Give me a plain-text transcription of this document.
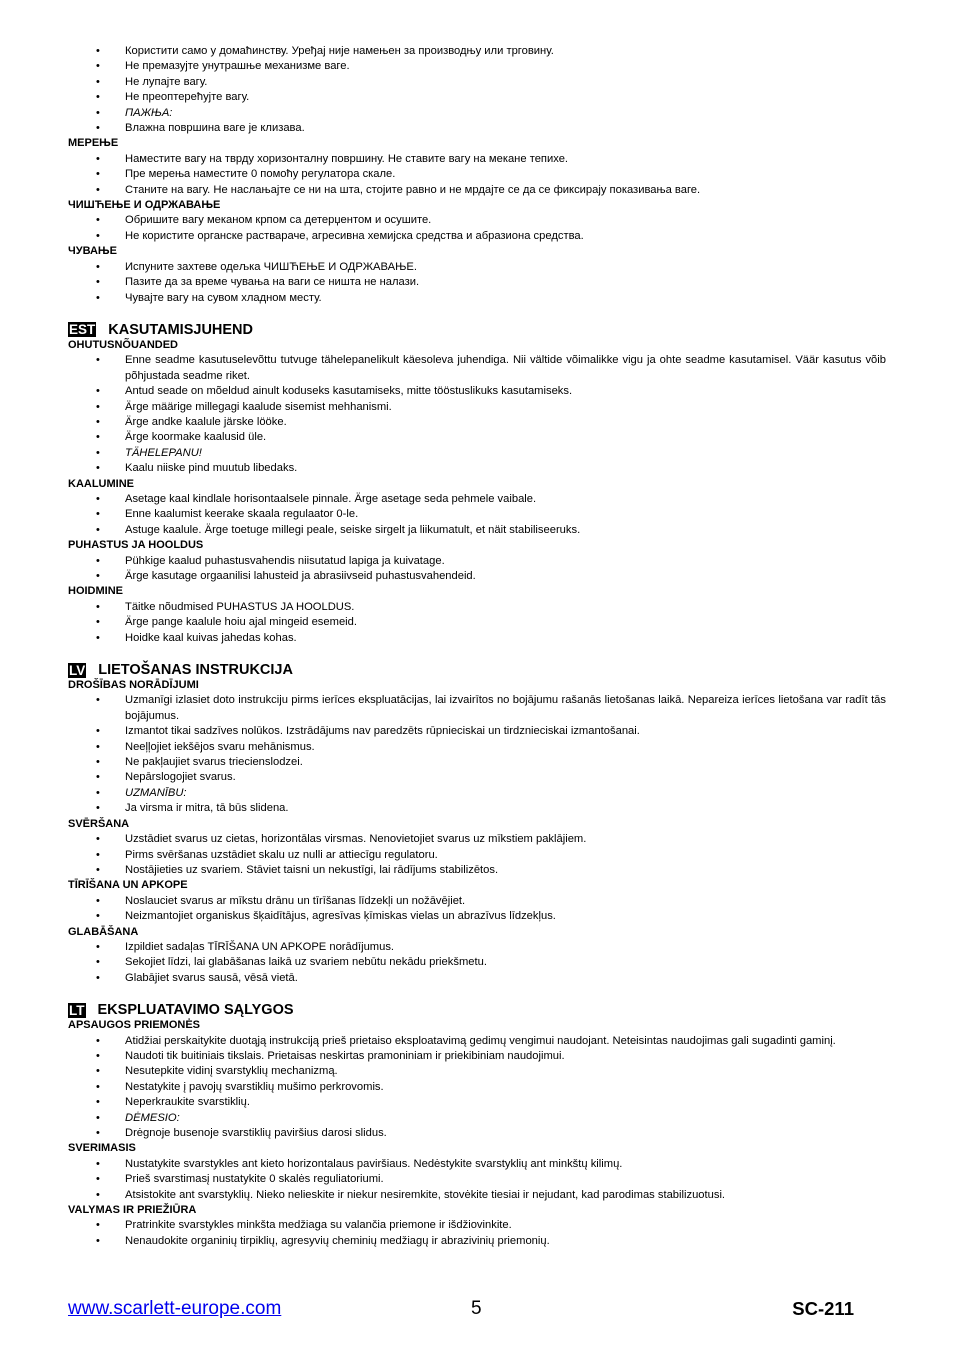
• Користити само у домаћинству. Уређај није намењен за производњу или трговину.
• Не премазујте унутрашње механизме ваге.
• Не лупајте вагу.
• Не преоптерећујте вагу.
• ПАЖЊА:
• Влажна површина ваге је клизава.
МЕРЕЊЕ
• Наместите вагу на тврду хоризонталну површину. Не ставите вагу на мекане тепихе.
• Пре мерења наместите 0 помоћу регулатора скале.
• Станите на вагу. Не наслањајте се ни на шта, стојите равно и не мрдајте се да се фиксирају показивања ваге.
ЧИШЋЕЊЕ И ОДРЖАВАЊЕ
• Обришите вагу меканом крпом са детерџентом и осушите.
• Не користите органске раствараче, агресивна хемијска средства и абразиона средства.
ЧУВАЊЕ
• Испуните захтеве одељка ЧИШЋЕЊЕ И ОДРЖАВАЊЕ.
• Пазите да за време чувања на ваги се ништа не налази.
• Чувајте вагу на сувом хладном месту.
EST KASUTAMISJUHEND
OHUTUSNÕUANDED
• Enne seadme kasutuselevõttu tutvuge tähelepanelikult käesoleva juhendiga. Nii vältide võimalikke vigu ja ohte seadme kasutamisel. Väär kasutus võib põhjustada seadme riket.
• Antud seade on mõeldud ainult koduseks kasutamiseks, mitte tööstuslikuks kasutamiseks.
• Ärge määrige millegagi kaalude sisemist mehhanismi.
• Ärge andke kaalule järske lööke.
• Ärge koormake kaalusid üle.
• TÄHELEPANU!
• Kaalu niiske pind muutub libedaks.
KAALUMINE
• Asetage kaal kindlale horisontaalsele pinnale. Ärge asetage seda pehmele vaibale.
• Enne kaalumist keerake skaala regulaator 0-le.
• Astuge kaalule. Ärge toetuge millegi peale, seiske sirgelt ja liikumatult, et näit stabiliseeruks.
PUHASTUS JA HOOLDUS
• Pühkige kaalud puhastusvahendis niisutatud lapiga ja kuivatage.
• Ärge kasutage orgaanilisi lahusteid ja abrasiivseid puhastusvahendeid.
HOIDMINE
• Täitke nõudmised PUHASTUS JA HOOLDUS.
• Ärge pange kaalule hoiu ajal mingeid esemeid.
• Hoidke kaal kuivas jahedas kohas.
LV LIETOŠANAS INSTRUKCIJA
DROŠĪBAS NORĀDĪJUMI
• Uzmanīgi izlasiet doto instrukciju pirms ierīces ekspluatācijas, lai izvairītos no bojājumu rašanās lietošanas laikā. Nepareiza ierīces lietošana var radīt tās bojājumus.
• Izmantot tikai sadzīves nolūkos. Izstrādājums nav paredzēts rūpnieciskai un tirdznieciskai izmantošanai.
• Neeļļojiet iekšējos svaru mehānismus.
• Ne pakļaujiet svarus triecienslodzei.
• Nepārslogojiet svarus.
• UZMANĪBU:
• Ja virsma ir mitra, tā būs slidena.
SVĒRŠANA
• Uzstādiet svarus uz cietas, horizontālas virsmas. Nenovietojiet svarus uz mīkstiem paklājiem.
• Pirms svēršanas uzstādiet skalu uz nulli ar attiecīgu regulatoru.
• Nostājieties uz svariem. Stāviet taisni un nekustīgi, lai rādījums stabilizētos.
TĪRĪŠANA UN APKOPE
• Noslauciet svarus ar mīkstu drānu un tīrīšanas līdzekļi un nožāvējiet.
• Neizmantojiet organiskus šķaidītājus, agresīvas ķīmiskas vielas un abrazīvus līdzekļus.
GLABĀŠANA
• Izpildiet sadaļas TĪRĪŠANA UN APKOPE norādījumus.
• Sekojiet līdzi, lai glabāšanas laikā uz svariem nebūtu nekādu priekšmetu.
• Glabājiet svarus sausā, vēsā vietā.
LT EKSPLUATAVIMO SĄLYGOS
APSAUGOS PRIEMONĖS
• Atidžiai perskaitykite duotąją instrukciją prieš prietaiso eksploatavimą gedimų vengimui naudojant. Neteisintas naudojimas gali sugadinti gaminį.
• Naudoti tik buitiniais tikslais. Prietaisas neskirtas pramoniniam ir priekibiniam naudojimui.
• Nesutepkite vidinį svarstyklių mechanizmą.
• Nestatykite į pavojų svarstiklių mušimo perkrovomis.
• Neperkraukite svarstiklių.
• DĖMESIO:
• Drėgnoje busenoje svarstiklių paviršius darosi slidus.
SVERIMASIS
• Nustatykite svarstykles ant kieto horizontalaus paviršiaus. Nedėstykite svarstyklių ant minkštų kilimų.
• Prieš svarstimasį nustatykite 0 skalės reguliatoriumi.
• Atsistokite ant svarstyklių. Nieko nelieskite ir niekur nesiremkite, stovėkite tiesiai ir nejudant, kad parodimas stabilizuotusi.
VALYMAS IR PRIEŽIŪRA
• Pratrinkite svarstykles minkšta medžiaga su valančia priemone ir išdžiovinkite.
• Nenaudokite organinių tirpiklių, agresyvių cheminių medžiagų ir abrazivinių priemonių.
www.scarlett-europe.com	5	SC-211
